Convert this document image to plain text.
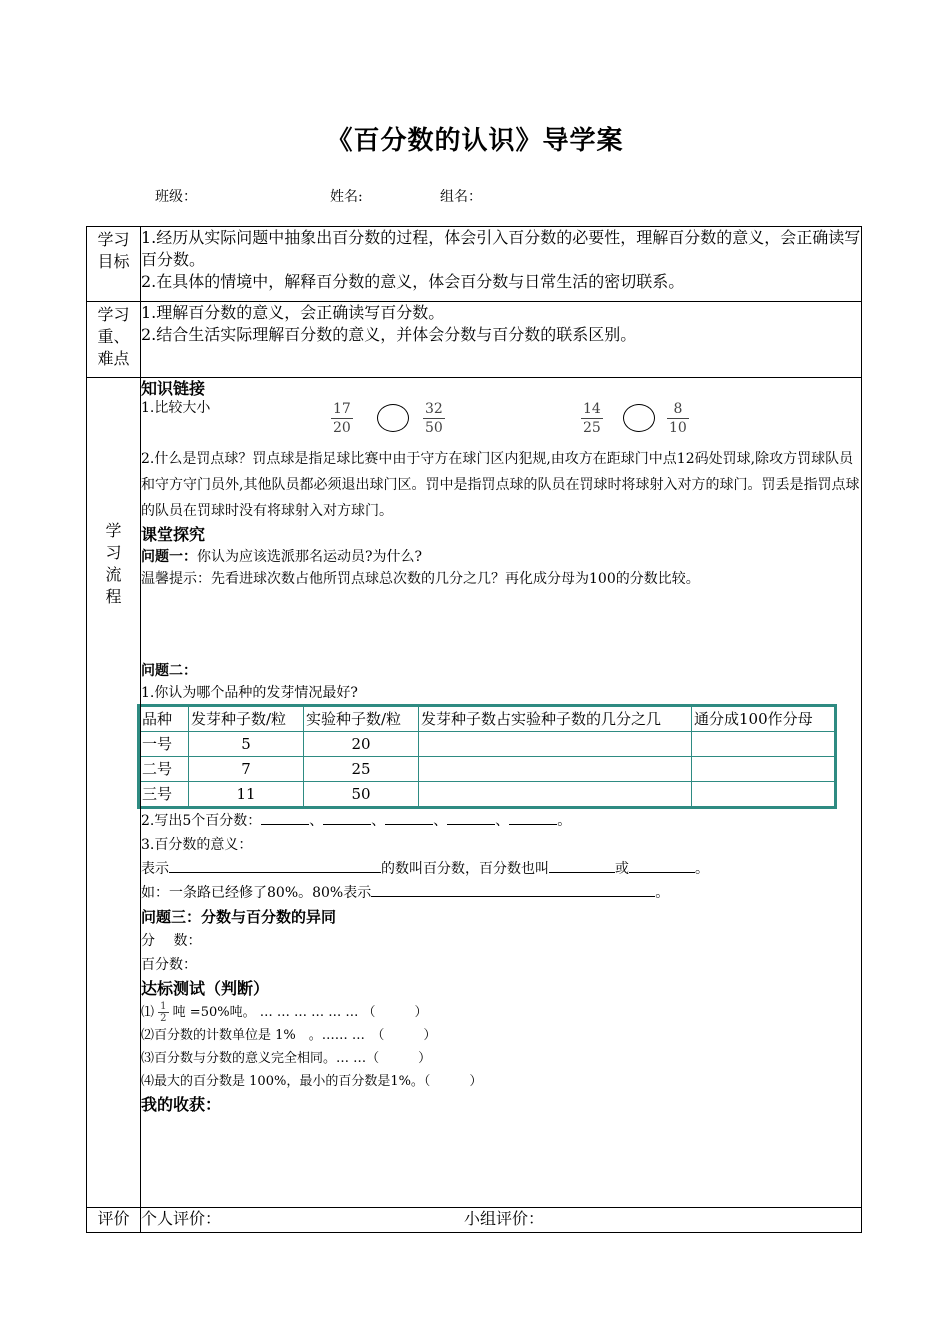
《百分数的认识》导学案
班级：	姓名:	组名：
学习目标

1.经历从实际问题中抽象出百分数的过程，体会引入百分数的必要性，理解百分数的意义，会正确读写百分数。
2.在具体的情境中，解释百分数的意义，体会百分数与日常生活的密切联系。

学习重、难点

1.理解百分数的意义，会正确读写百分数。
2.结合生活实际理解百分数的意义，并体会分数与百分数的联系区别。

学习流程

知识链接
1.比较大小	$\frac{17}{20}$	$\frac{32}{50}$	$\frac{14}{25}$	$\frac{8}{10}$
2.什么是罚点球？罚点球是指足球比赛中由于守方在球门区内犯规,由攻方在距球门中点12码处罚球,除攻方罚球队员和守方守门员外,其他队员都必须退出球门区。罚中是指罚点球的队员在罚球时将球射入对方的球门。罚丢是指罚点球的队员在罚球时没有将球射入对方球门。
课堂探究
问题一：你认为应该选派那名运动员?为什么?
温馨提示：先看进球次数占他所罚点球总次数的几分之几？再化成分母为100的分数比较。
问题二：
1.你认为哪个品种的发芽情况最好?
品种	发芽种子数/粒	实验种子数/粒	发芽种子数占实验种子数的几分之几	通分成100作分母
一号	5	20		
二号	7	25		
三号	11	50		
2.写出5个百分数：	、	、	、	、	。
3.百分数的意义：
表示	的数叫百分数，百分数也叫	或	。
如：一条路已经修了80%。80%表示	。
问题三：分数与百分数的异同
分　 数：
百分数：
达标测试（判断）
⑴ $\frac{1}{2}$ 吨 =50%吨。 … … … … … … （　　　）
⑵百分数的计数单位是 1%　。…… …　（　　　）
⑶百分数与分数的意义完全相同。… …（　　　）
⑷最大的百分数是 100%，最小的百分数是1%。（　　　）
我的收获：

评价	个人评价：	小组评价：
